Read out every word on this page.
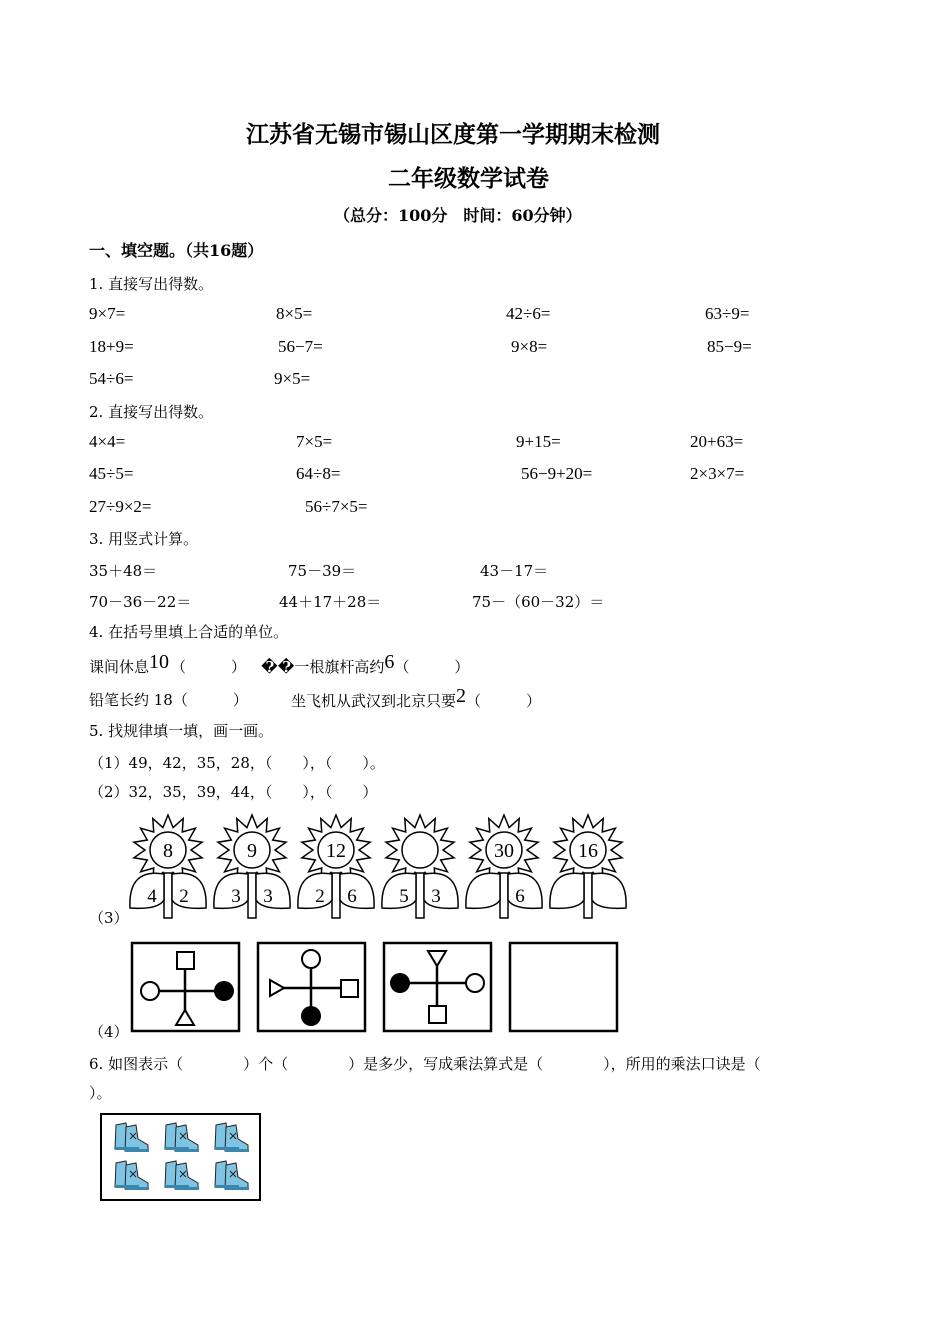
江苏省无锡市锡山区度第一学期期末检测
二年级数学试卷
（总分：100分　时间：60分钟）
一、填空题。（共16题）
1. 直接写出得数。
9×7=	8×5=	42÷6=	63÷9=
18+9=	56−7=	9×8=	85−9=
54÷6=	9×5=
2. 直接写出得数。
4×4=	7×5=	9+15=	20+63=
45÷5=	64÷8=	56−9+20=	2×3×7=
27÷9×2=	56÷7×5=
3. 用竖式计算。
35＋48＝	75－39＝	43－17＝
70－36－22＝	44＋17＋28＝	75－（60－32）＝
4. 在括号里填上合适的单位。
课间休息10 （　　　） ��一根旗杆高约6（　　　）
铅笔长约 18（　　　）	坐飞机从武汉到北京只要2（　　　）
5. 找规律填一填，画一画。
（1）49，42，35，28，（　　），（　　）。
（2）32，35，39，44，（　　），（　　）
8
4 2
9
3 3
12
2 6 5 3
30
6
16
（3）
（4）
6. 如图表示（　　　　）个（　　　　）是多少，写成乘法算式是（　　　　），所用的乘法口诀是（
）。
